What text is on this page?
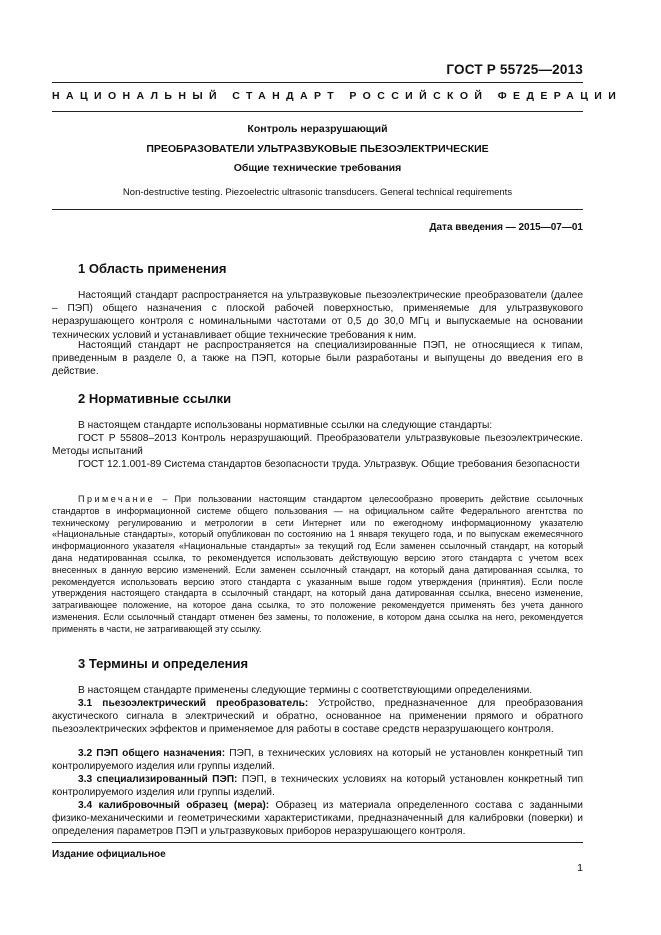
ГОСТ Р 55725—2013
НАЦИОНАЛЬНЫЙ СТАНДАРТ РОССИЙСКОЙ ФЕДЕРАЦИИ
Контроль неразрушающий
ПРЕОБРАЗОВАТЕЛИ УЛЬТРАЗВУКОВЫЕ ПЬЕЗОЭЛЕКТРИЧЕСКИЕ
Общие технические требования
Non-destructive testing. Piezoelectric ultrasonic transducers. General technical requirements
Дата введения — 2015—07—01
1 Область применения
Настоящий стандарт распространяется на ультразвуковые пьезоэлектрические преобразователи (далее – ПЭП) общего назначения с плоской рабочей поверхностью, применяемые для ультразвукового неразрушающего контроля с номинальными частотами от 0,5 до 30,0 МГц и выпускаемые на основании технических условий и устанавливает общие технические требования к ним.
Настоящий стандарт не распространяется на специализированные ПЭП, не относящиеся к типам, приведенным в разделе 0, а также на ПЭП, которые были разработаны и выпущены до введения его в действие.
2 Нормативные ссылки
В настоящем стандарте использованы нормативные ссылки на следующие стандарты:
ГОСТ Р 55808–2013 Контроль неразрушающий. Преобразователи ультразвуковые пьезоэлектрические. Методы испытаний
ГОСТ 12.1.001-89 Система стандартов безопасности труда. Ультразвук. Общие требования безопасности
Примечание – При пользовании настоящим стандартом целесообразно проверить действие ссылочных стандартов в информационной системе общего пользования — на официальном сайте Федерального агентства по техническому регулированию и метрологии в сети Интернет или по ежегодному информационному указателю «Национальные стандарты», который опубликован по состоянию на 1 января текущего года, и по выпускам ежемесячного информационного указателя «Национальные стандарты» за текущий год Если заменен ссылочный стандарт, на который дана недатированная ссылка, то рекомендуется использовать действующую версию этого стандарта с учетом всех внесенных в данную версию изменений. Если заменен ссылочный стандарт, на который дана датированная ссылка, то рекомендуется использовать версию этого стандарта с указанным выше годом утверждения (принятия). Если после утверждения настоящего стандарта в ссылочный стандарт, на который дана датированная ссылка, внесено изменение, затрагивающее положение, на которое дана ссылка, то это положение рекомендуется применять без учета данного изменения. Если ссылочный стандарт отменен без замены, то положение, в котором дана ссылка на него, рекомендуется применять в части, не затрагивающей эту ссылку.
3 Термины и определения
В настоящем стандарте применены следующие термины с соответствующими определениями.
3.1 пьезоэлектрический преобразователь: Устройство, предназначенное для преобразования акустического сигнала в электрический и обратно, основанное на применении прямого и обратного пьезоэлектрических эффектов и применяемое для работы в составе средств неразрушающего контроля.
3.2 ПЭП общего назначения: ПЭП, в технических условиях на который не установлен конкретный тип контролируемого изделия или группы изделий.
3.3 специализированный ПЭП: ПЭП, в технических условиях на который установлен конкретный тип контролируемого изделия или группы изделий.
3.4 калибровочный образец (мера): Образец из материала определенного состава с заданными физико-механическими и геометрическими характеристиками, предназначенный для калибровки (поверки) и определения параметров ПЭП и ультразвуковых приборов неразрушающего контроля.
Издание официальное
1
